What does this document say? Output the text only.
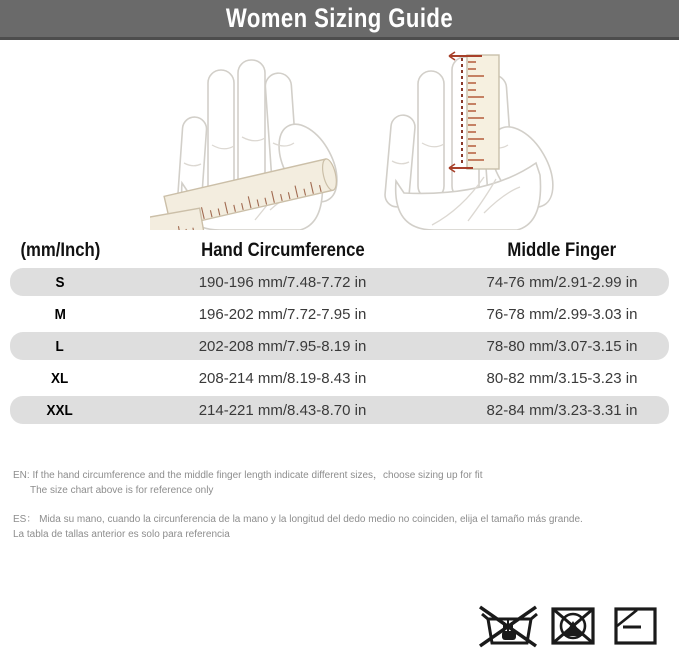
Women Sizing Guide
(mm/Inch)	Hand Circumference	Middle Finger
S	190-196 mm/7.48-7.72 in	74-76 mm/2.91-2.99 in
M	196-202 mm/7.72-7.95 in	76-78 mm/2.99-3.03 in
L	202-208 mm/7.95-8.19 in	78-80 mm/3.07-3.15 in
XL	208-214 mm/8.19-8.43 in	80-82 mm/3.15-3.23 in
XXL	214-221 mm/8.43-8.70 in	82-84 mm/3.23-3.31 in
EN: If the hand circumference and the middle finger length indicate different sizes，choose sizing up for fit
The size chart above is for reference only
ES： Mida su mano, cuando la circunferencia de la mano y la longitud del dedo medio no coinciden, elija el tamaño más grande.
La tabla de tallas anterior es solo para referencia
